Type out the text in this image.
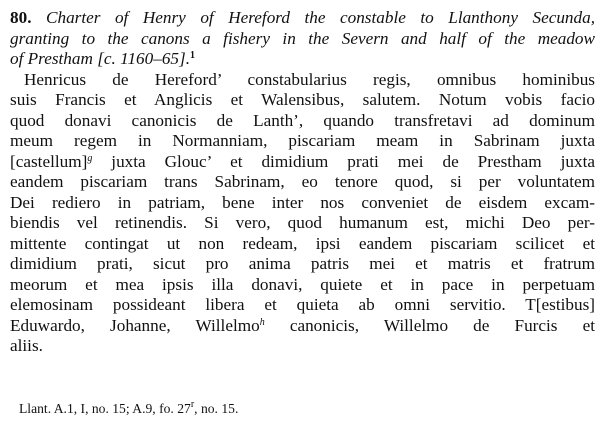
80. Charter of Henry of Hereford the constable to Llanthony Secunda,
granting to the canons a fishery in the Severn and half of the meadow
of Prestham [c. 1160–65].$^1$
Henricus de Hereford’ constabularius regis, omnibus hominibus
suis Francis et Anglicis et Walensibus, salutem. Notum vobis facio
quod donavi canonicis de Lanth’, quando transfretavi ad dominum
meum regem in Normanniam, piscariam meam in Sabrinam juxta
[castellum]$^g$ juxta Glouc’ et dimidium prati mei de Prestham juxta
eandem piscariam trans Sabrinam, eo tenore quod, si per voluntatem
Dei rediero in patriam, bene inter nos conveniet de eisdem excam-
biendis vel retinendis. Si vero, quod humanum est, michi Deo per-
mittente contingat ut non redeam, ipsi eandem piscariam scilicet et
dimidium prati, sicut pro anima patris mei et matris et fratrum
meorum et mea ipsis illa donavi, quiete et in pace in perpetuam
elemosinam possideant libera et quieta ab omni servitio. T[estibus]
Eduwardo, Johanne, Willelmo$^h$ canonicis, Willelmo de Furcis et
aliis.
Llant. A.1, I, no. 15; A.9, fo. 27$^r$, no. 15.
